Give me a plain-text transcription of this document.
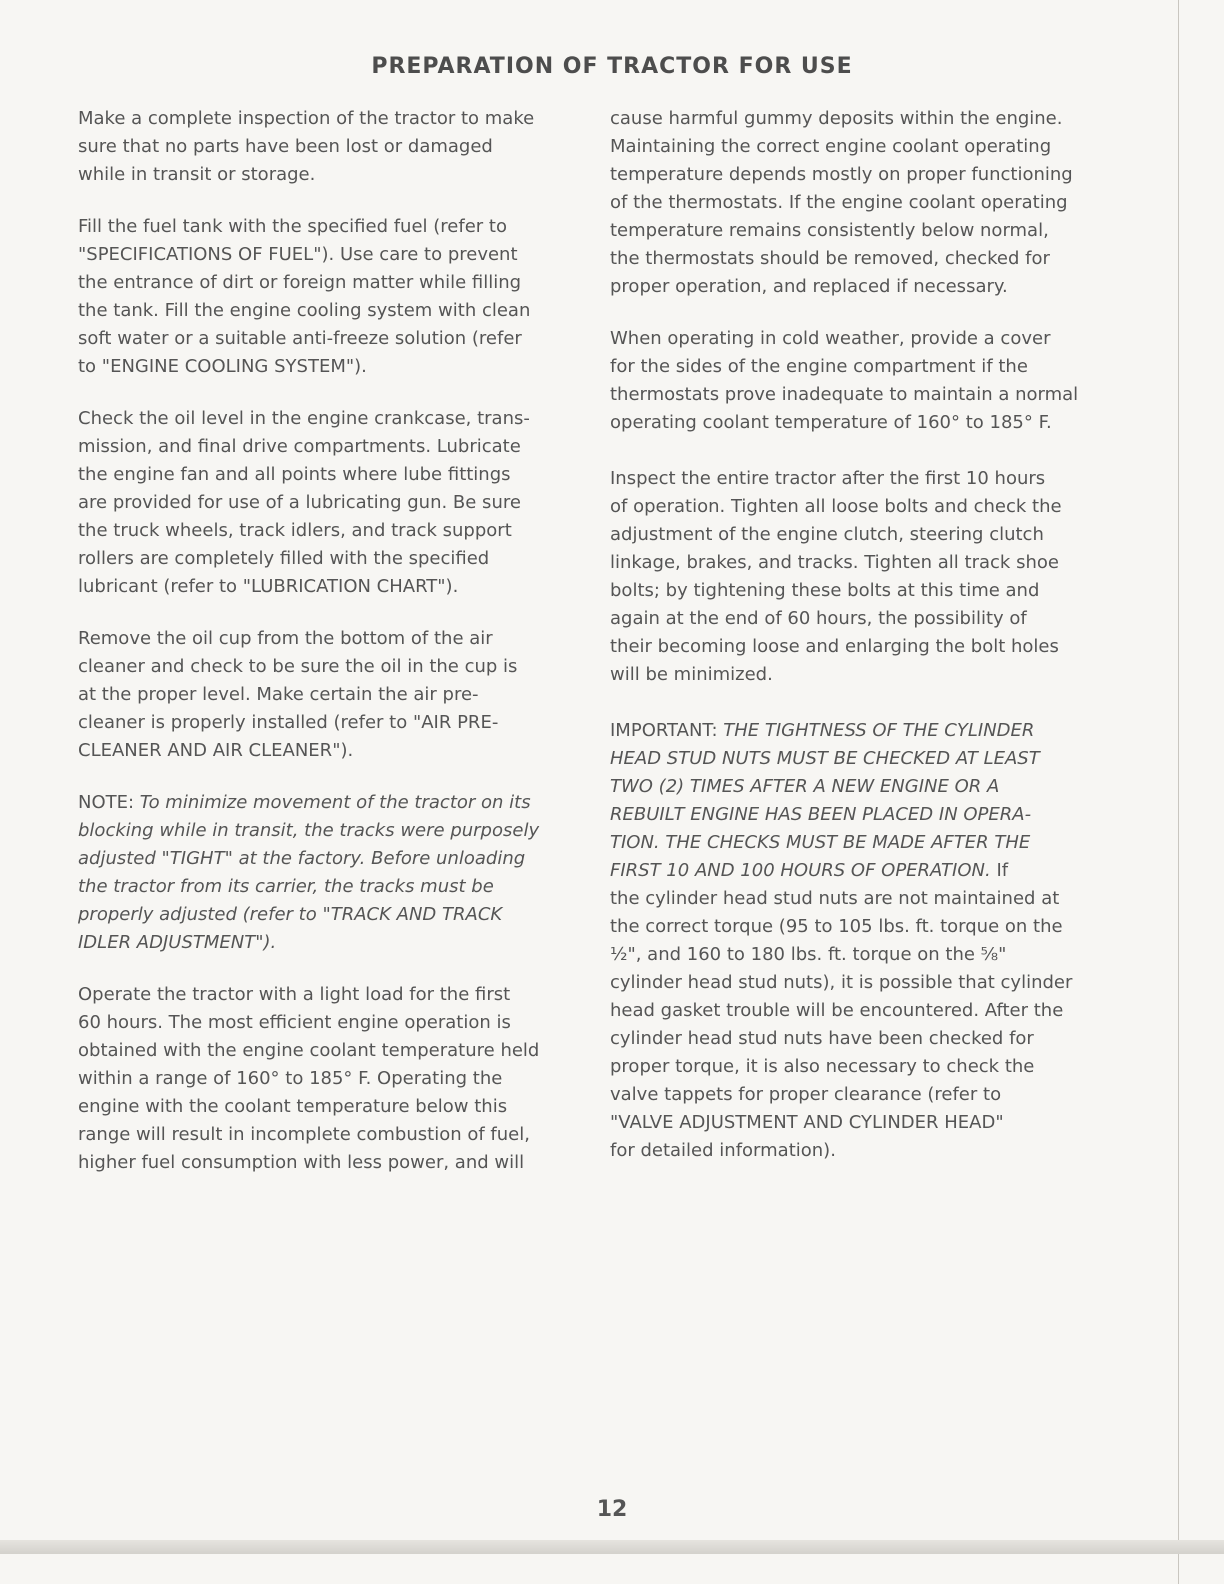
PREPARATION OF TRACTOR FOR USE

Make a complete inspection of the tractor to make
sure that no parts have been lost or damaged
while in transit or storage.

Fill the fuel tank with the specified fuel (refer to
"SPECIFICATIONS OF FUEL"). Use care to prevent
the entrance of dirt or foreign matter while filling
the tank. Fill the engine cooling system with clean
soft water or a suitable anti-freeze solution (refer
to "ENGINE COOLING SYSTEM").

Check the oil level in the engine crankcase, trans-
mission, and final drive compartments. Lubricate
the engine fan and all points where lube fittings
are provided for use of a lubricating gun. Be sure
the truck wheels, track idlers, and track support
rollers are completely filled with the specified
lubricant (refer to "LUBRICATION CHART").

Remove the oil cup from the bottom of the air
cleaner and check to be sure the oil in the cup is
at the proper level. Make certain the air pre-
cleaner is properly installed (refer to "AIR PRE-
CLEANER AND AIR CLEANER").

NOTE: To minimize movement of the tractor on its
blocking while in transit, the tracks were purposely
adjusted "TIGHT" at the factory. Before unloading
the tractor from its carrier, the tracks must be
properly adjusted (refer to "TRACK AND TRACK
IDLER ADJUSTMENT").

Operate the tractor with a light load for the first
60 hours. The most efficient engine operation is
obtained with the engine coolant temperature held
within a range of 160° to 185° F. Operating the
engine with the coolant temperature below this
range will result in incomplete combustion of fuel,
higher fuel consumption with less power, and will

cause harmful gummy deposits within the engine.
Maintaining the correct engine coolant operating
temperature depends mostly on proper functioning
of the thermostats. If the engine coolant operating
temperature remains consistently below normal,
the thermostats should be removed, checked for
proper operation, and replaced if necessary.

When operating in cold weather, provide a cover
for the sides of the engine compartment if the
thermostats prove inadequate to maintain a normal
operating coolant temperature of 160° to 185° F.

Inspect the entire tractor after the first 10 hours
of operation. Tighten all loose bolts and check the
adjustment of the engine clutch, steering clutch
linkage, brakes, and tracks. Tighten all track shoe
bolts; by tightening these bolts at this time and
again at the end of 60 hours, the possibility of
their becoming loose and enlarging the bolt holes
will be minimized.

IMPORTANT: THE TIGHTNESS OF THE CYLINDER
HEAD STUD NUTS MUST BE CHECKED AT LEAST
TWO (2) TIMES AFTER A NEW ENGINE OR A
REBUILT ENGINE HAS BEEN PLACED IN OPERA-
TION. THE CHECKS MUST BE MADE AFTER THE
FIRST 10 AND 100 HOURS OF OPERATION. If
the cylinder head stud nuts are not maintained at
the correct torque (95 to 105 lbs. ft. torque on the
½", and 160 to 180 lbs. ft. torque on the ⅝"
cylinder head stud nuts), it is possible that cylinder
head gasket trouble will be encountered. After the
cylinder head stud nuts have been checked for
proper torque, it is also necessary to check the
valve tappets for proper clearance (refer to
"VALVE ADJUSTMENT AND CYLINDER HEAD"
for detailed information).

12
